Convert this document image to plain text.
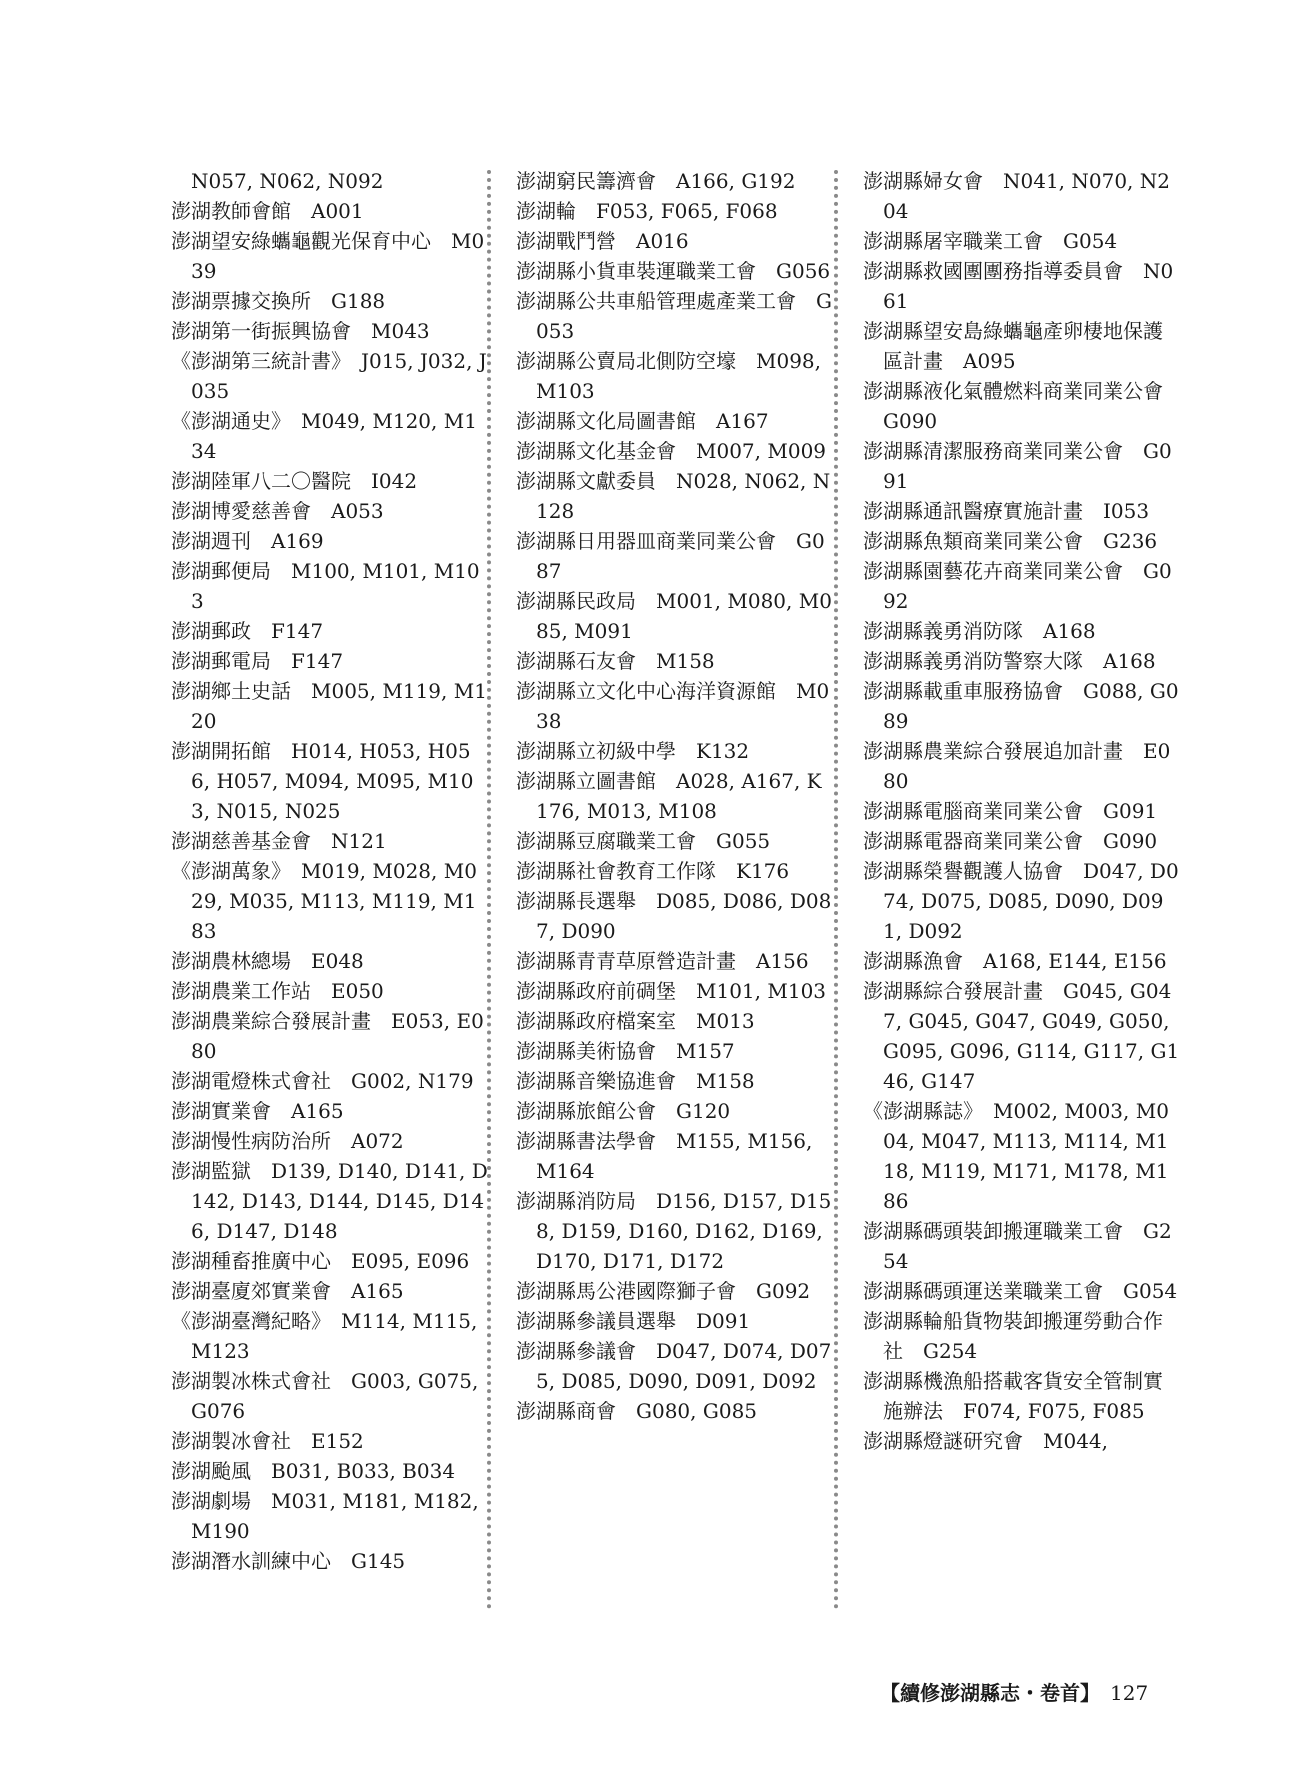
N057, N062, N092
澎湖教師會館　A001
澎湖望安綠蠵龜觀光保育中心　M039
澎湖票據交換所　G188
澎湖第一街振興協會　M043
《澎湖第三統計書》　J015, J032, J035
《澎湖通史》　M049, M120, M134
澎湖陸軍八二〇醫院　I042
澎湖博愛慈善會　A053
澎湖週刊　A169
澎湖郵便局　M100, M101, M103
澎湖郵政　F147
澎湖郵電局　F147
澎湖鄉土史話　M005, M119, M120
澎湖開拓館　H014, H053, H056, H057, M094, M095, M103, N015, N025
澎湖慈善基金會　N121
《澎湖萬象》　M019, M028, M029, M035, M113, M119, M183
澎湖農林總場　E048
澎湖農業工作站　E050
澎湖農業綜合發展計畫　E053, E080
澎湖電燈株式會社　G002, N179
澎湖實業會　A165
澎湖慢性病防治所　A072
澎湖監獄　D139, D140, D141, D142, D143, D144, D145, D146, D147, D148
澎湖種畜推廣中心　E095, E096
澎湖臺廈郊實業會　A165
《澎湖臺灣紀略》　M114, M115, M123
澎湖製冰株式會社　G003, G075, G076
澎湖製冰會社　E152
澎湖颱風　B031, B033, B034
澎湖劇場　M031, M181, M182, M190
澎湖潛水訓練中心　G145
澎湖窮民籌濟會　A166, G192
澎湖輪　F053, F065, F068
澎湖戰鬥營　A016
澎湖縣小貨車裝運職業工會　G056
澎湖縣公共車船管理處產業工會　G053
澎湖縣公賣局北側防空壕　M098, M103
澎湖縣文化局圖書館　A167
澎湖縣文化基金會　M007, M009
澎湖縣文獻委員　N028, N062, N128
澎湖縣日用器皿商業同業公會　G087
澎湖縣民政局　M001, M080, M085, M091
澎湖縣石友會　M158
澎湖縣立文化中心海洋資源館　M038
澎湖縣立初級中學　K132
澎湖縣立圖書館　A028, A167, K176, M013, M108
澎湖縣豆腐職業工會　G055
澎湖縣社會教育工作隊　K176
澎湖縣長選舉　D085, D086, D087, D090
澎湖縣青青草原營造計畫　A156
澎湖縣政府前碉堡　M101, M103
澎湖縣政府檔案室　M013
澎湖縣美術協會　M157
澎湖縣音樂協進會　M158
澎湖縣旅館公會　G120
澎湖縣書法學會　M155, M156, M164
澎湖縣消防局　D156, D157, D158, D159, D160, D162, D169, D170, D171, D172
澎湖縣馬公港國際獅子會　G092
澎湖縣參議員選舉　D091
澎湖縣參議會　D047, D074, D075, D085, D090, D091, D092
澎湖縣商會　G080, G085
澎湖縣婦女會　N041, N070, N204
澎湖縣屠宰職業工會　G054
澎湖縣救國團團務指導委員會　N061
澎湖縣望安島綠蠵龜產卵棲地保護區計畫　A095
澎湖縣液化氣體燃料商業同業公會　G090
澎湖縣清潔服務商業同業公會　G091
澎湖縣通訊醫療實施計畫　I053
澎湖縣魚類商業同業公會　G236
澎湖縣園藝花卉商業同業公會　G092
澎湖縣義勇消防隊　A168
澎湖縣義勇消防警察大隊　A168
澎湖縣載重車服務協會　G088, G089
澎湖縣農業綜合發展追加計畫　E080
澎湖縣電腦商業同業公會　G091
澎湖縣電器商業同業公會　G090
澎湖縣榮譽觀護人協會　D047, D074, D075, D085, D090, D091, D092
澎湖縣漁會　A168, E144, E156
澎湖縣綜合發展計畫　G045, G047, G045, G047, G049, G050, G095, G096, G114, G117, G146, G147
《澎湖縣誌》　M002, M003, M004, M047, M113, M114, M118, M119, M171, M178, M186
澎湖縣碼頭裝卸搬運職業工會　G254
澎湖縣碼頭運送業職業工會　G054
澎湖縣輪船貨物裝卸搬運勞動合作社　G254
澎湖縣機漁船搭載客貨安全管制實施辦法　F074, F075, F085
澎湖縣燈謎研究會　M044,
【續修澎湖縣志・卷首】 127
